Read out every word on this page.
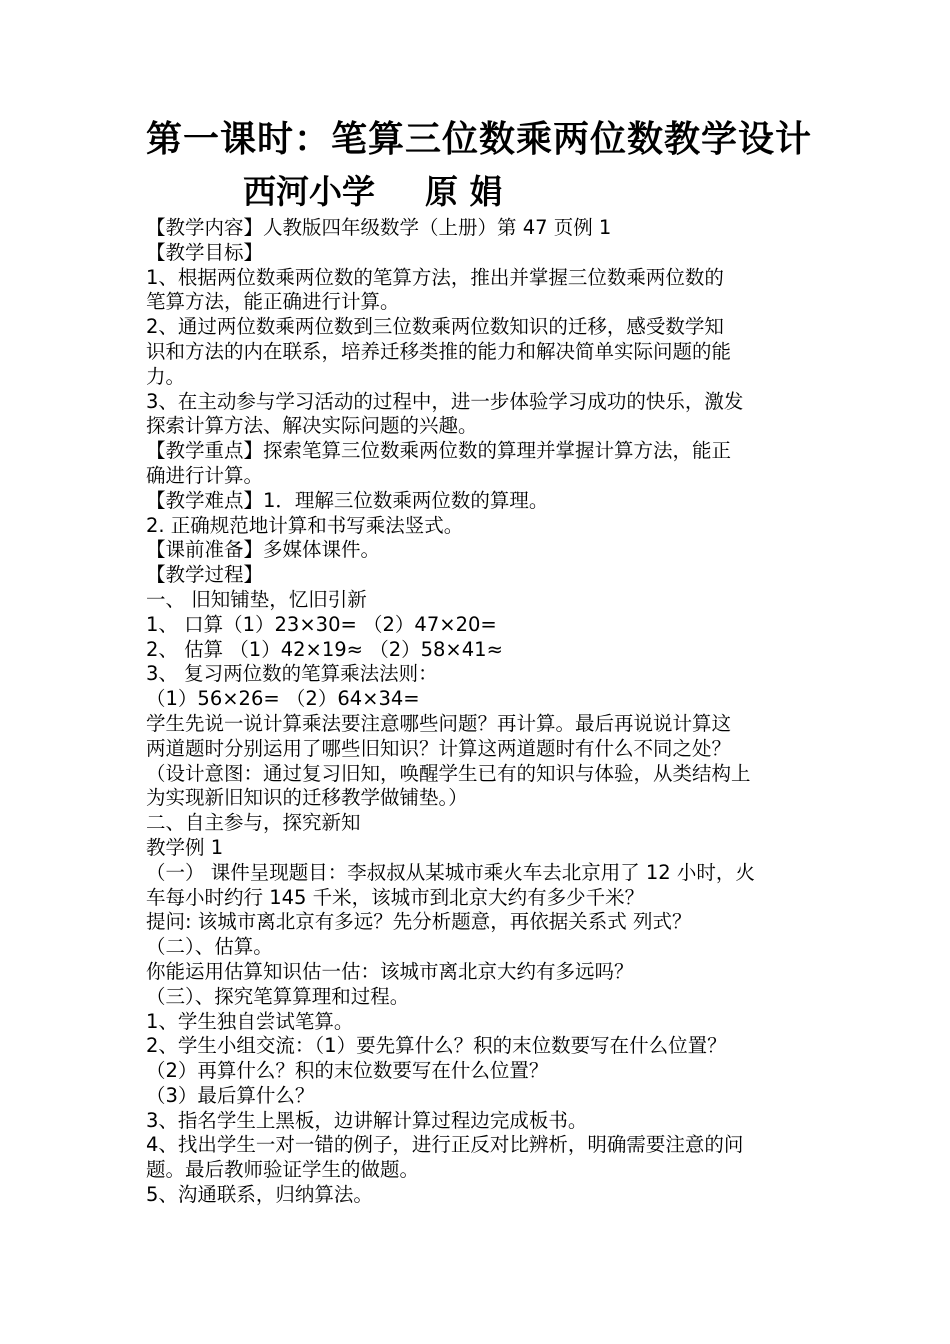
第一课时：笔算三位数乘两位数教学设计
西河小学 原 娟
【教学内容】人教版四年级数学（上册）第 47 页例 1
【教学目标】
1、根据两位数乘两位数的笔算方法，推出并掌握三位数乘两位数的
笔算方法，能正确进行计算。
2、通过两位数乘两位数到三位数乘两位数知识的迁移，感受数学知
识和方法的内在联系，培养迁移类推的能力和解决简单实际问题的能
力。
3、在主动参与学习活动的过程中，进一步体验学习成功的快乐，激发
探索计算方法、解决实际问题的兴趣。
【教学重点】探索笔算三位数乘两位数的算理并掌握计算方法，能正
确进行计算。
【教学难点】1．理解三位数乘两位数的算理。
2. 正确规范地计算和书写乘法竖式。
【课前准备】多媒体课件。
【教学过程】
一、 旧知铺垫，忆旧引新
1、 口算（1）23×30= （2）47×20=
2、 估算 （1）42×19≈ （2）58×41≈
3、 复习两位数的笔算乘法法则：
（1）56×26= （2）64×34=
学生先说一说计算乘法要注意哪些问题？再计算。最后再说说计算这
两道题时分别运用了哪些旧知识？计算这两道题时有什么不同之处？
（设计意图：通过复习旧知，唤醒学生已有的知识与体验，从类结构上
为实现新旧知识的迁移教学做铺垫。）
二、自主参与，探究新知
教学例 1
（一） 课件呈现题目：李叔叔从某城市乘火车去北京用了 12 小时，火
车每小时约行 145 千米，该城市到北京大约有多少千米？
提问: 该城市离北京有多远？先分析题意，再依据关系式 列式？
（二）、估算。
你能运用估算知识估一估：该城市离北京大约有多远吗？
（三）、探究笔算算理和过程。
1、学生独自尝试笔算。
2、学生小组交流：（1）要先算什么？积的末位数要写在什么位置？
（2）再算什么？积的末位数要写在什么位置？
（3）最后算什么？
3、指名学生上黑板，边讲解计算过程边完成板书。
4、找出学生一对一错的例子，进行正反对比辨析，明确需要注意的问
题。最后教师验证学生的做题。
5、沟通联系，归纳算法。
